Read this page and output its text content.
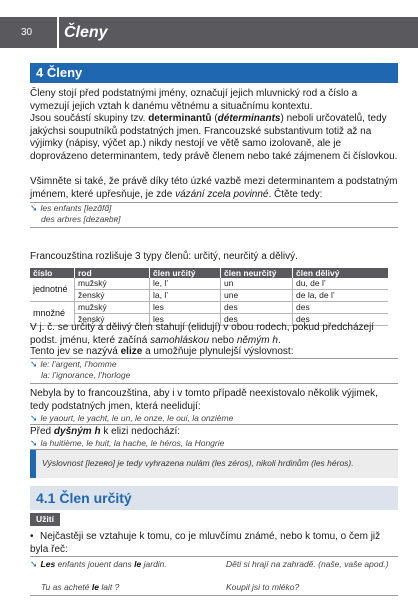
30 Členy
4 Členy
Členy stojí před podstatnými jmény, označují jejich mluvnický rod a číslo a vymezují jejich vztah k danému větnému a situačnímu kontextu.
Jsou součástí skupiny tzv. determinantů (déterminants) neboli určovatelů, tedy jakýchsi souputníků podstatných jmen. Francouzské substantivum totiž až na výjimky (nápisy, výčet ap.) nikdy nestojí ve větě samo izolovaně, ale je doprovázeno determinantem, tedy právě členem nebo také zájmenem či číslovkou.
Všimněte si také, že právě díky této úzké vazbě mezi determinantem a podstatným jménem, které upřesňuje, je zde vázání zcela povinné. Čtěte tedy:
➘ les enfants [lezɑ̃fɑ̃]
des arbres [dezaʀbʀ]
Francouzština rozlišuje 3 typy členů: určitý, neurčitý a dělivý.
číslo	rod	člen určitý	člen neurčitý	člen dělivý
jednotné	mužský	le, l’	un	du, de l’
	ženský	la, l’	une	de la, de l’
množné	mužský	les	des	des
	ženský	les	des	des
V j. č. se určitý a dělivý člen stahují (elidují) v obou rodech, pokud předcházejí podst. jménu, které začíná samohláskou nebo němým h.
Tento jev se nazývá elize a umožňuje plynulejší výslovnost:
➘ le: l’argent, l’homme
la: l’ignorance, l’horloge
Nebyla by to francouzština, aby i v tomto případě neexistovalo několik výjimek, tedy podstatných jmen, která neelidují:
➘ le yaourt, le yacht, le un, le onze, le oui, la onzième
Výslovnost [lezeʀo] je tedy vyhrazena nulám (les zéros), nikoli hrdinům (les héros).
Před dyšným h k elizi nedochází:
➘ la huitième, le huit, la hache, le héros, la Hongrie
4.1 Člen určitý
Užití
• Nejčastěji se vztahuje k tomu, co je mluvčímu známé, nebo k tomu, o čem již byla řeč:
➘ Les enfants jouent dans le jardin.	Děti si hrají na zahradě. (naše, vaše apod.)
Tu as acheté le lait ?	Koupil jsi to mléko?
